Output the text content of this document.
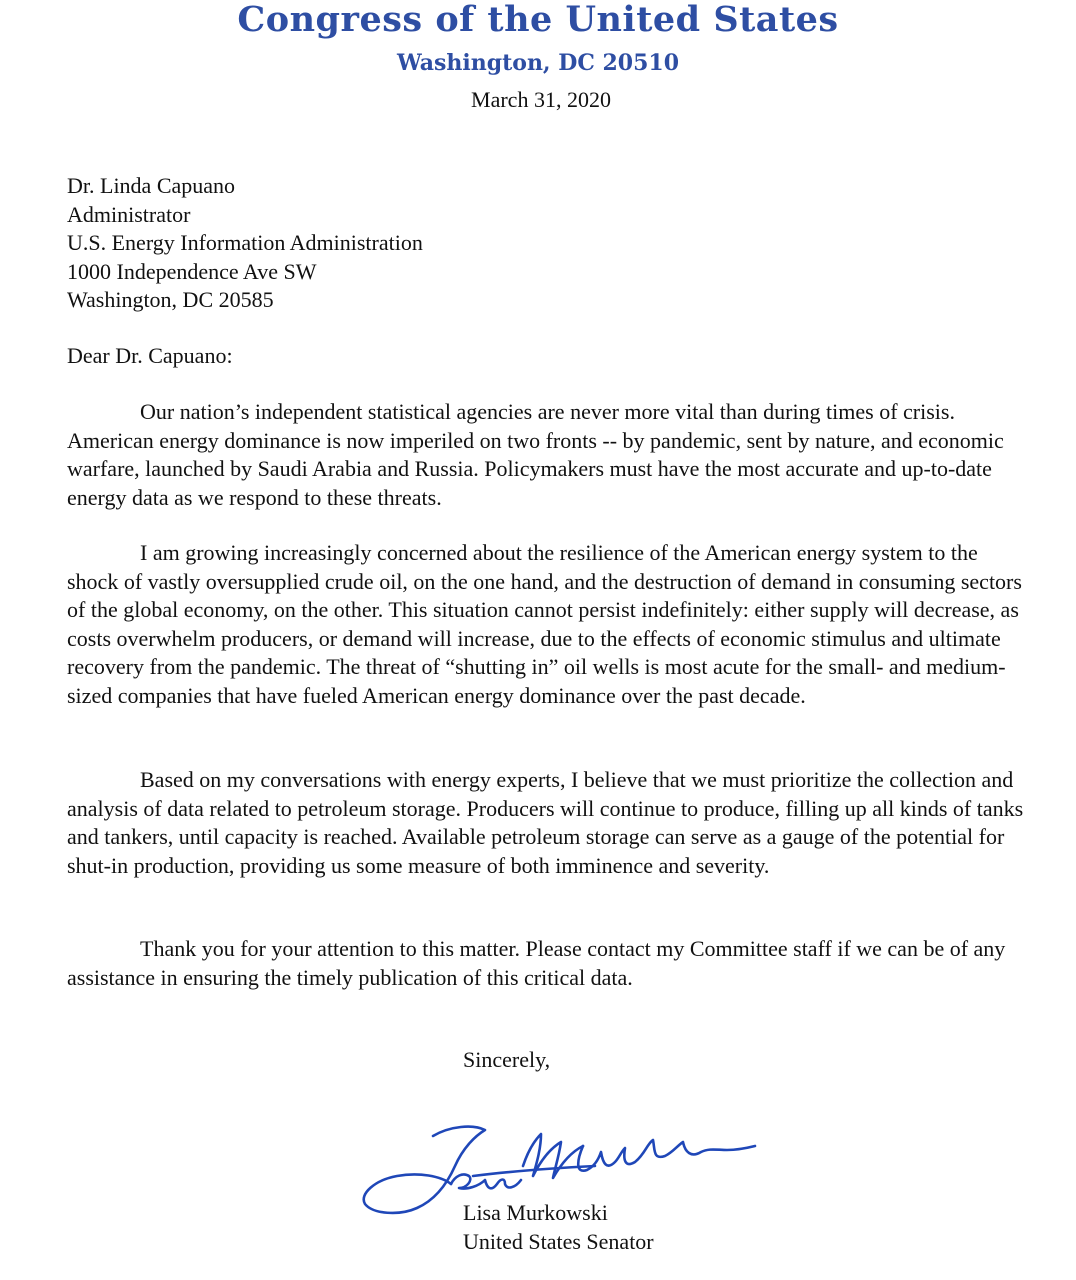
Congress of the United States
Washington, DC 20510
March 31, 2020
Dr. Linda Capuano
Administrator
U.S. Energy Information Administration
1000 Independence Ave SW
Washington, DC 20585
Dear Dr. Capuano:

Our nation’s independent statistical agencies are never more vital than during times of crisis. American energy dominance is now imperiled on two fronts -- by pandemic, sent by nature, and economic warfare, launched by Saudi Arabia and Russia. Policymakers must have the most accurate and up-to-date energy data as we respond to these threats.

I am growing increasingly concerned about the resilience of the American energy system to the shock of vastly oversupplied crude oil, on the one hand, and the destruction of demand in consuming sectors of the global economy, on the other. This situation cannot persist indefinitely: either supply will decrease, as costs overwhelm producers, or demand will increase, due to the effects of economic stimulus and ultimate recovery from the pandemic. The threat of “shutting in” oil wells is most acute for the small- and medium-sized companies that have fueled American energy dominance over the past decade.

Based on my conversations with energy experts, I believe that we must prioritize the collection and analysis of data related to petroleum storage. Producers will continue to produce, filling up all kinds of tanks and tankers, until capacity is reached. Available petroleum storage can serve as a gauge of the potential for shut-in production, providing us some measure of both imminence and severity.

Thank you for your attention to this matter. Please contact my Committee staff if we can be of any assistance in ensuring the timely publication of this critical data.

Sincerely,
Lisa Murkowski
United States Senator
